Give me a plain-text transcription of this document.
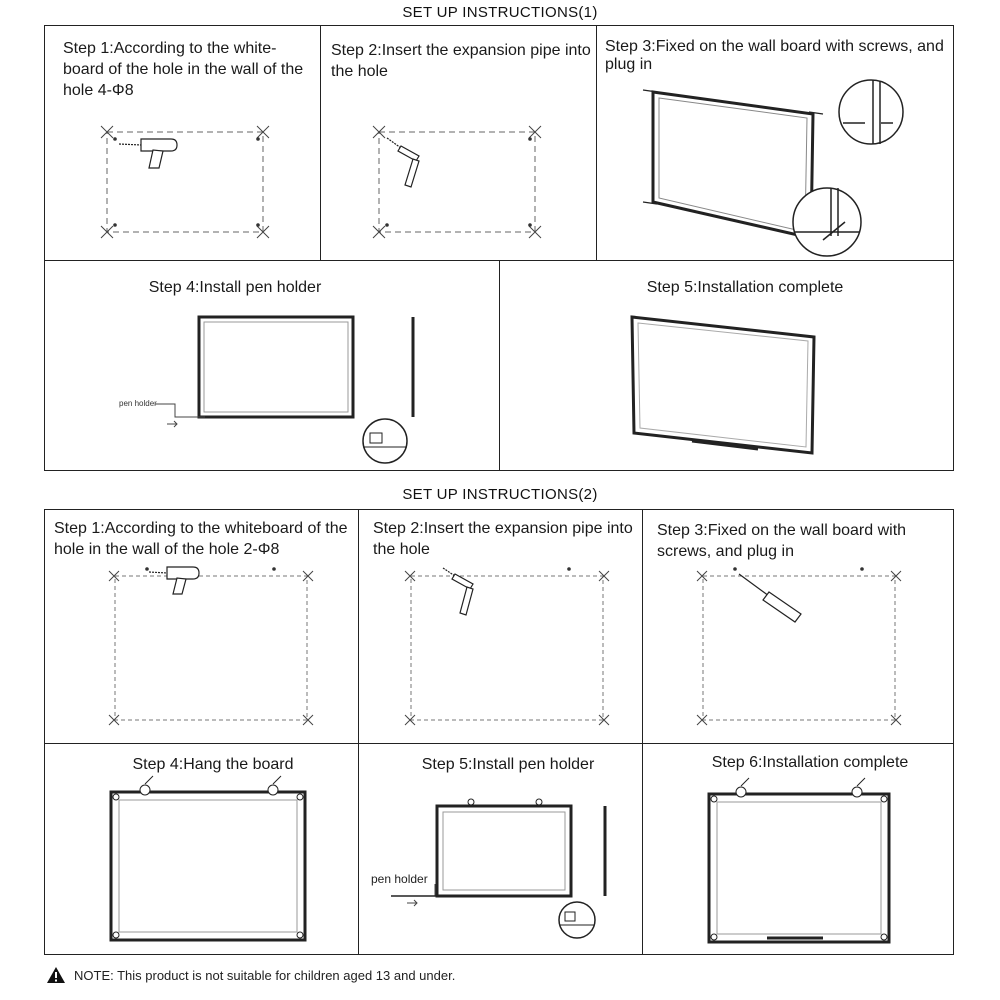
SET UP INSTRUCTIONS(1)
Step 1:According to the white-board of the hole in the wall of the hole 4-Φ8
Step 2:Insert the expansion pipe into the hole
Step 3:Fixed on the wall board with screws, and plug in
Step 4:Install pen holder
pen holder
Step 5:Installation complete
SET UP INSTRUCTIONS(2)
Step 1:According to the whiteboard of the hole in the wall of the hole 2-Φ8
Step 2:Insert the expansion pipe into the hole
Step 3:Fixed on the wall board with screws, and plug in
Step 4:Hang the board	Step 5:Install pen holder
pen holder
Step 6:Installation complete
NOTE: This product is not suitable for children aged 13 and under.
